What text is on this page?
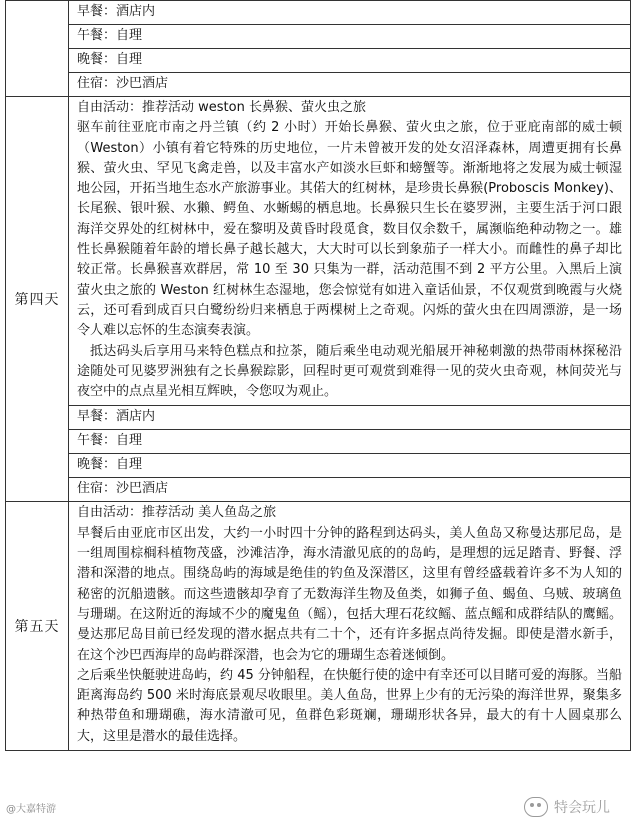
	早餐：酒店内

	午餐：自理

	晚餐：自理

	住宿：沙巴酒店

第四天	自由活动：推荐活动 weston 长鼻猴、萤火虫之旅

驱车前往亚庇市南之丹兰镇（约 2 小时）开始长鼻猴、萤火虫之旅，位于亚庇南部的威士顿（Weston）小镇有着它特殊的历史地位，一片未曾被开发的处女沼泽森林，周遭更拥有长鼻猴、萤火虫、罕见飞禽走兽，以及丰富水产如淡水巨虾和螃蟹等。渐渐地将之发展为威士顿湿地公园，开拓当地生态水产旅游事业。其偌大的红树林，是珍贵长鼻猴(Proboscis Monkey)、长尾猴、银叶猴、水獭、鳄鱼、水蜥蜴的栖息地。长鼻猴只生长在婆罗洲，主要生活于河口跟海洋交界处的红树林中，爱在黎明及黄昏时段觅食，数目仅余数千，属濒临绝种动物之一。雄性长鼻猴随着年龄的增长鼻子越长越大，大大时可以长到象茄子一样大小。而雌性的鼻子却比较正常。长鼻猴喜欢群居，常 10 至 30 只集为一群，活动范围不到 2 平方公里。入黑后上演萤火虫之旅的 Weston 红树林生态湿地，您会惊觉有如进入童话仙景，不仅观赏到晚霞与火烧云，还可看到成百只白鹭纷纷归来栖息于两棵树上之奇观。闪烁的萤火虫在四周漂游，是一场令人难以忘怀的生态演奏表演。

抵达码头后享用马来特色糕点和拉茶，随后乘坐电动观光船展开神秘刺激的热带雨林探秘沿途随处可见婆罗洲独有之长鼻猴踪影，回程时更可观赏到难得一见的荧火虫奇观，林间荧光与夜空中的点点星光相互辉映，令您叹为观止。

	早餐：酒店内

	午餐：自理

	晚餐：自理

	住宿：沙巴酒店

第五天	自由活动：推荐活动 美人鱼岛之旅

早餐后由亚庇市区出发，大约一小时四十分钟的路程到达码头，美人鱼岛又称曼达那尼岛，是一组周围棕榈科植物茂盛，沙滩洁净，海水清澈见底的的岛屿，是理想的远足踏青、野餐、浮潜和深潜的地点。围绕岛屿的海域是绝佳的钓鱼及深潜区，这里有曾经盛载着许多不为人知的秘密的沉船遗骸。而这些遗骸却孕育了无数海洋生物及鱼类，如狮子鱼、蝎鱼、乌贼、玻璃鱼与珊瑚。在这附近的海域不少的魔鬼鱼（鳐），包括大理石花纹鳐、蓝点鳐和成群结队的鹰鳐。曼达那尼岛目前已经发现的潜水据点共有二十个，还有许多据点尚待发掘。即使是潜水新手，在这个沙巴西海岸的岛屿群深潜，也会为它的珊瑚生态着迷倾倒。

之后乘坐快艇驶进岛屿，约 45 分钟船程，在快艇行使的途中有幸还可以目睹可爱的海豚。当船距离海岛约 500 米时海底景观尽收眼里。美人鱼岛，世界上少有的无污染的海洋世界，聚集多种热带鱼和珊瑚礁，海水清澈可见，鱼群色彩斑斓，珊瑚形状各异，最大的有十人圆桌那么大，这里是潜水的最佳选择。

@大嘉特游	特会玩儿
